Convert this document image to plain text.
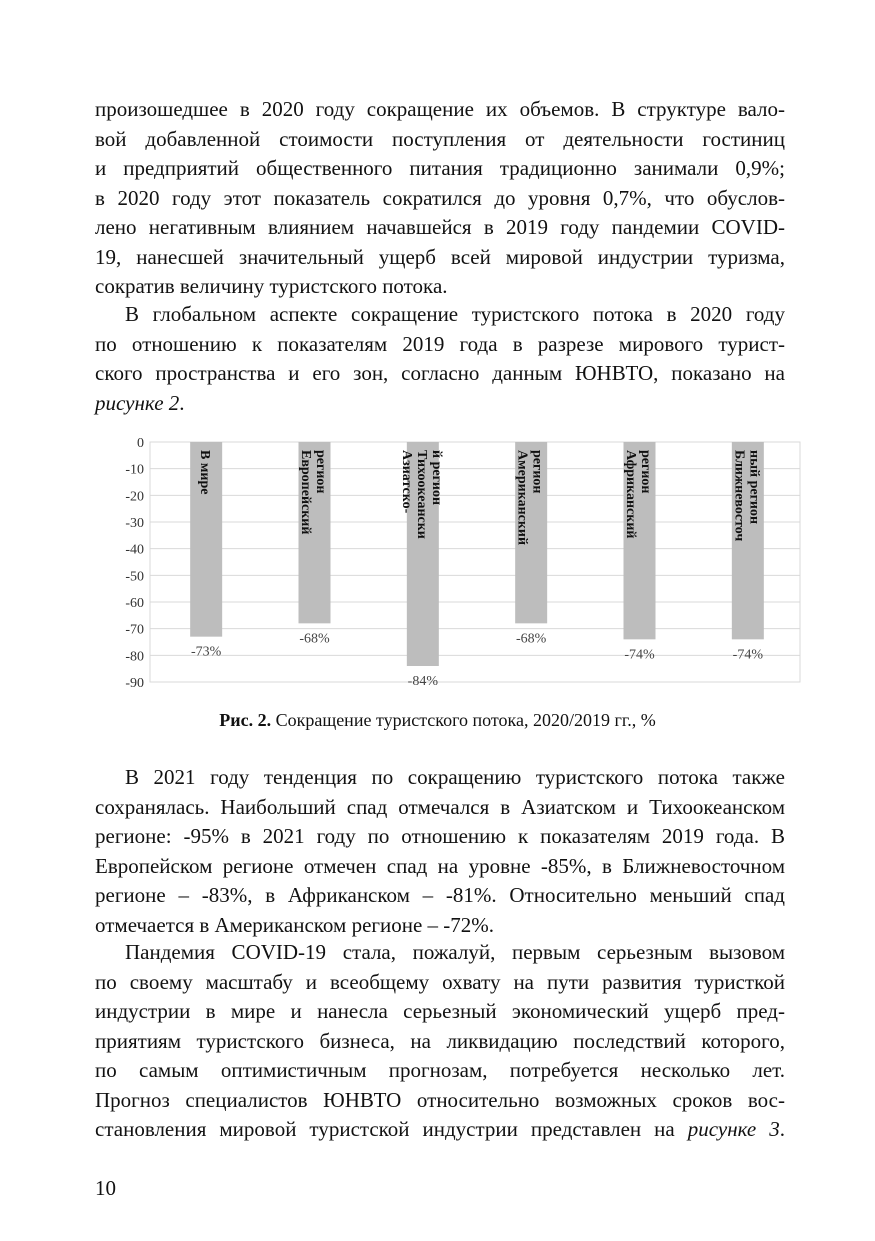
произошедшее в 2020 году сокращение их объемов. В структуре вало-
вой добавленной стоимости поступления от деятельности гостиниц
и предприятий общественного питания традиционно занимали 0,9%;
в 2020 году этот показатель сократился до уровня 0,7%, что обуслов-
лено негативным влиянием начавшейся в 2019 году пандемии COVID-
19, нанесшей значительный ущерб всей мировой индустрии туризма,
сократив величину туристского потока.

В глобальном аспекте сокращение туристского потока в 2020 году
по отношению к показателям 2019 года в разрезе мирового турист-
ского пространства и его зон, согласно данным ЮНВТО, показано на
рисунке 2.

0
-10
-20
-30
-40
-50
-60
-70
-80
-90
-73%
В мире
-68%
Европейский регион
-84%
Азиатско- Тихоокеански й регион
-68%
Американский регион
-74%
Африканский регион
-74%
Ближневосточ ный регион
Рис. 2. Сокращение туристского потока, 2020/2019 гг., %

В 2021 году тенденция по сокращению туристского потока также
сохранялась. Наибольший спад отмечался в Азиатском и Тихоокеанском
регионе: -95% в 2021 году по отношению к показателям 2019 года. В
Европейском регионе отмечен спад на уровне -85%, в Ближневосточном
регионе – -83%, в Африканском – -81%. Относительно меньший спад
отмечается в Американском регионе – -72%.

Пандемия COVID-19 стала, пожалуй, первым серьезным вызовом
по своему масштабу и всеобщему охвату на пути развития туристкой
индустрии в мире и нанесла серьезный экономический ущерб пред-
приятиям туристского бизнеса, на ликвидацию последствий которого,
по самым оптимистичным прогнозам, потребуется несколько лет.
Прогноз специалистов ЮНВТО относительно возможных сроков вос-
становления мировой туристской индустрии представлен на рисунке 3.

10
